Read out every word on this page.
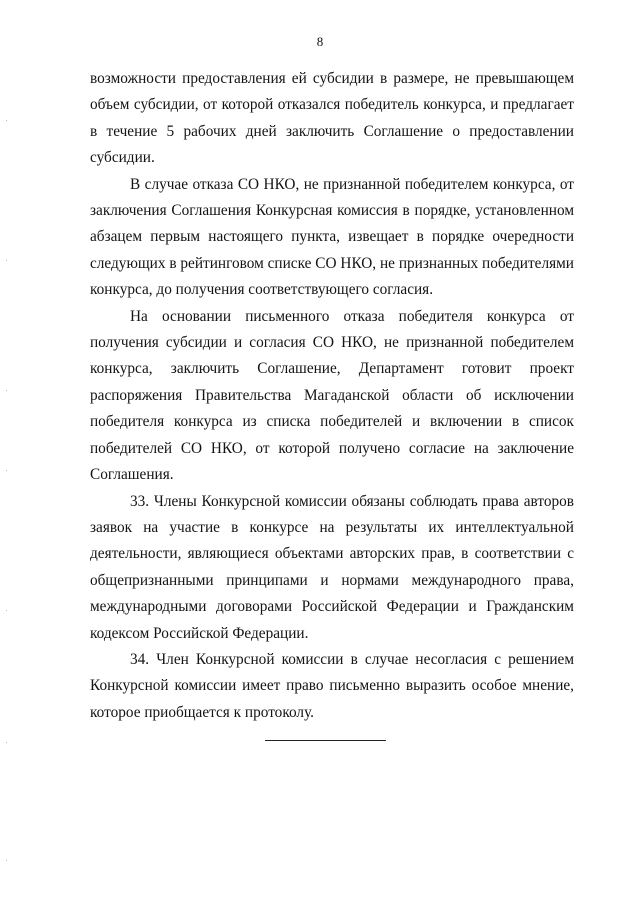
8

возможности предоставления ей субсидии в размере, не превышающем объем субсидии, от которой отказался победитель конкурса, и предлагает в течение 5 рабочих дней заключить Соглашение о предоставлении субсидии.

В случае отказа СО НКО, не признанной победителем конкурса, от заключения Соглашения Конкурсная комиссия в порядке, установленном абзацем первым настоящего пункта, извещает в порядке очередности следующих в рейтинговом списке СО НКО, не признанных победителями конкурса, до получения соответствующего согласия.

На основании письменного отказа победителя конкурса от получения субсидии и согласия СО НКО, не признанной победителем конкурса, заключить Соглашение, Департамент готовит проект распоряжения Правительства Магаданской области об исключении победителя конкурса из списка победителей и включении в список победителей СО НКО, от которой получено согласие на заключение Соглашения.

33. Члены Конкурсной комиссии обязаны соблюдать права авторов заявок на участие в конкурсе на результаты их интеллектуальной деятельности, являющиеся объектами авторских прав, в соответствии с общепризнанными принципами и нормами международного права, международными договорами Российской Федерации и Гражданским кодексом Российской Федерации.

34. Член Конкурсной комиссии в случае несогласия с решением Конкурсной комиссии имеет право письменно выразить особое мнение, которое приобщается к протоколу.
